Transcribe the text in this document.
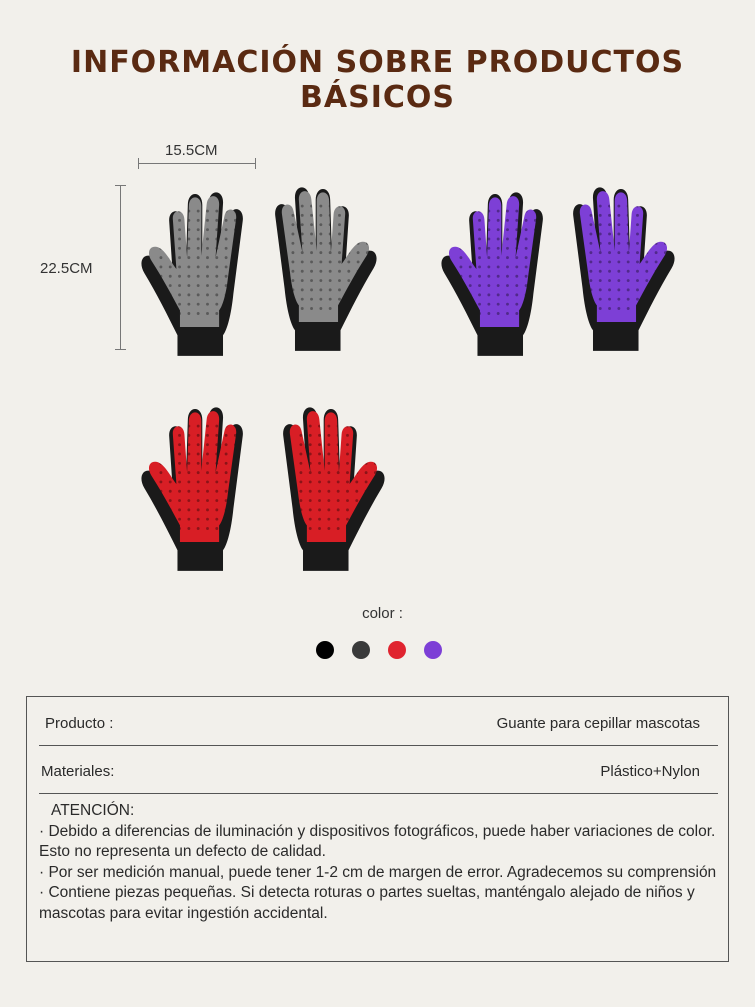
INFORMACIÓN SOBRE PRODUCTOS BÁSICOS
15.5CM
22.5CM
color :
Producto :	Guante para cepillar mascotas
Materiales:	Plástico+Nylon
ATENCIÓN:
· Debido a diferencias de iluminación y dispositivos fotográficos, puede haber variaciones de color. Esto no representa un defecto de calidad.
· Por ser medición manual, puede tener 1-2 cm de margen de error. Agradecemos su comprensión
· Contiene piezas pequeñas. Si detecta roturas o partes sueltas, manténgalo alejado de niños y mascotas para evitar ingestión accidental.
